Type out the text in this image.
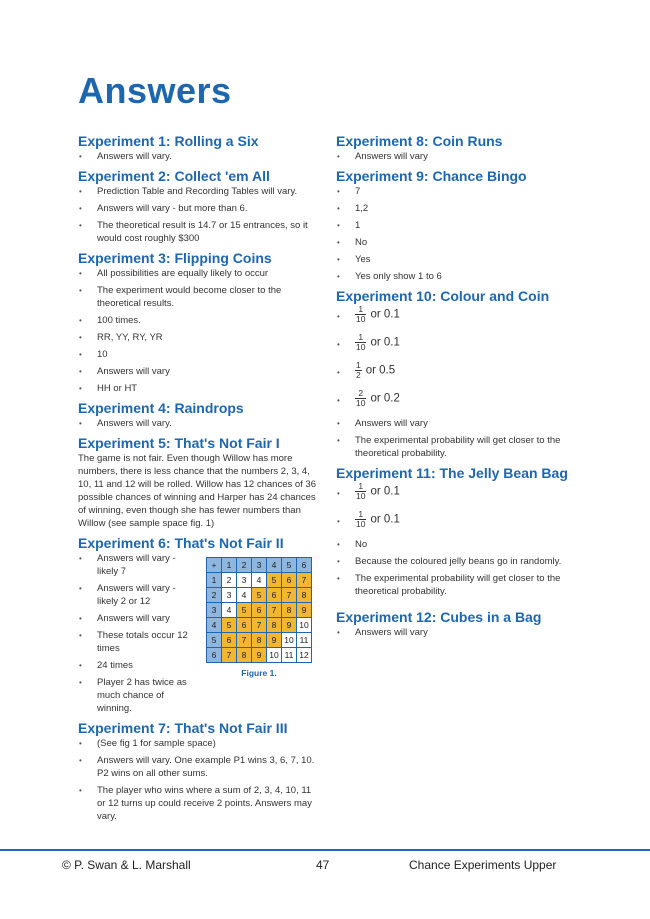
Answers
Experiment 1: Rolling a Six
• Answers will vary.
Experiment 2: Collect 'em All
• Prediction Table and Recording Tables will vary.
• Answers will vary - but more than 6.
• The theoretical result is 14.7 or 15 entrances, so it would cost roughly $300
Experiment 3: Flipping Coins
• All possibilities are equally likely to occur
• The experiment would become closer to the theoretical results.
• 100 times.
• RR, YY, RY, YR
• 10
• Answers will vary
• HH or HT
Experiment 4: Raindrops
• Answers will vary.
Experiment 5: That's Not Fair I

The game is not fair. Even though Willow has more numbers, there is less chance that the numbers 2, 3, 4, 10, 11 and 12 will be rolled. Willow has 12 chances of 36 possible chances of winning and Harper has 24 chances of winning, even though she has fewer numbers than Willow (see sample space fig. 1)

Experiment 6: That's Not Fair II
• Answers will vary - likely 7
• Answers will vary - likely 2 or 12
• Answers will vary
• These totals occur 12 times
• 24 times
• Player 2 has twice as much chance of winning.
+	1	2	3	4	5	6
1	2	3	4	5	6	7
2	3	4	5	6	7	8
3	4	5	6	7	8	9
4	5	6	7	8	9	10
5	6	7	8	9	10	11
6	7	8	9	10	11	12
Figure 1.
Experiment 7: That's Not Fair III
• (See fig 1 for sample space)
• Answers will vary. One example P1 wins 3, 6, 7, 10. P2 wins on all other sums.
• The player who wins where a sum of 2, 3, 4, 10, 11 or 12 turns up could receive 2 points. Answers may vary.
Experiment 8: Coin Runs
• Answers will vary
Experiment 9: Chance Bingo
• 7
• 1,2
• 1
• No
• Yes
• Yes only show 1 to 6
Experiment 10: Colour and Coin
• $\frac{1}{10}$ or 0.1
• $\frac{1}{10}$ or 0.1
• $\frac{1}{2}$ or 0.5
• $\frac{2}{10}$ or 0.2
• Answers will vary
• The experimental probability will get closer to the theoretical probability.
Experiment 11: The Jelly Bean Bag
• $\frac{1}{10}$ or 0.1
• $\frac{1}{10}$ or 0.1
• No
• Because the coloured jelly beans go in randomly.
• The experimental probability will get closer to the theoretical probability.
Experiment 12: Cubes in a Bag
• Answers will vary
© P. Swan & L. Marshall	47	Chance Experiments Upper
